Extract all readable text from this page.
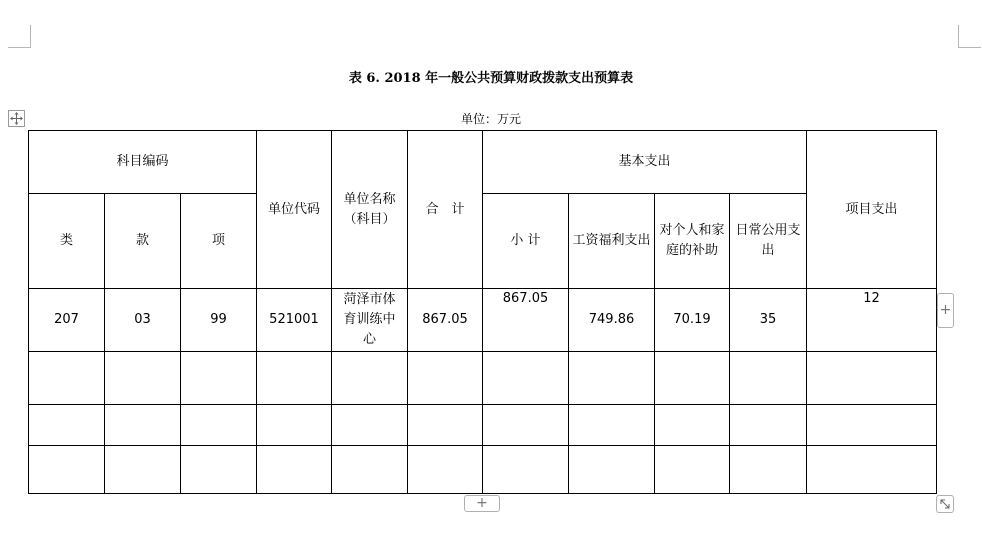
表 6. 2018 年一般公共预算财政拨款支出预算表
单位：万元
科目编码			单位代码	单位名称（科目）	合　计	基本支出				项目支出
类	款	项				小 计	工资福利支出	对个人和家庭的补助	日常公用支出	
207	03	99	521001	菏泽市体育训练中心	867.05	867.05	749.86	70.19	35	12

+
+
